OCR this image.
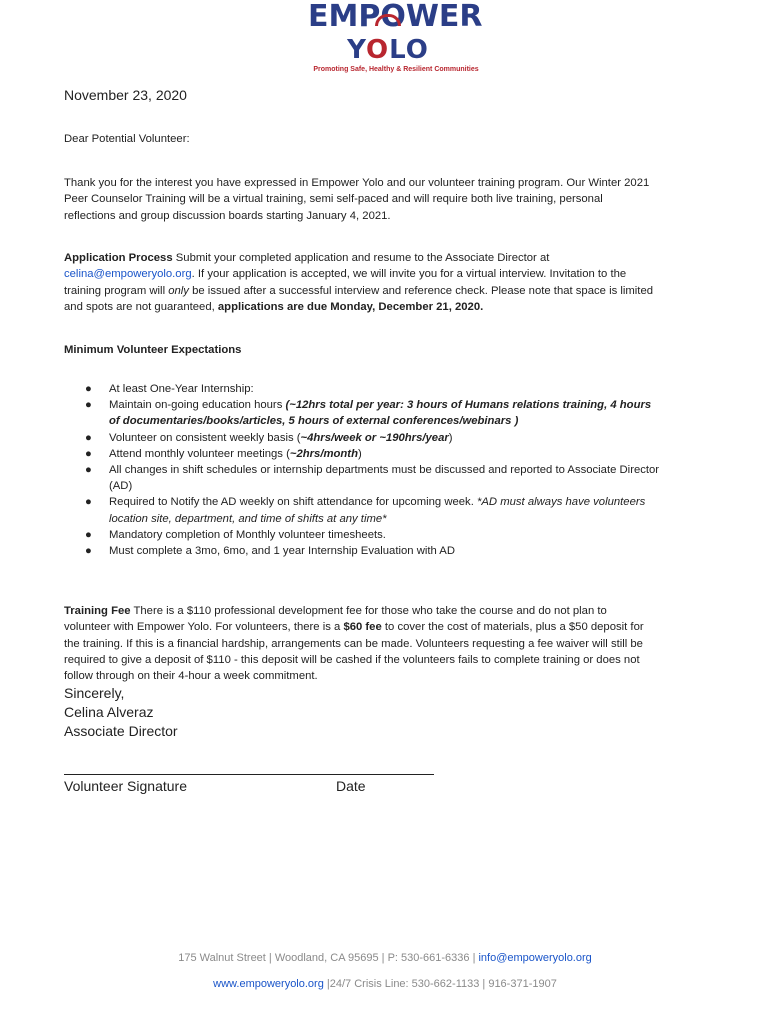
EMPOWER
YOLO
Promoting Safe, Healthy & Resilient Communities
November 23, 2020
Dear Potential Volunteer:
Thank you for the interest you have expressed in Empower Yolo and our volunteer training program. Our Winter 2021 Peer Counselor Training will be a virtual training, semi self-paced and will require both live training, personal reflections and group discussion boards starting January 4, 2021.
Application Process Submit your completed application and resume to the Associate Director at celina@empoweryolo.org. If your application is accepted, we will invite you for a virtual interview. Invitation to the training program will only be issued after a successful interview and reference check. Please note that space is limited and spots are not guaranteed, applications are due Monday, December 21, 2020.
Minimum Volunteer Expectations
● At least One-Year Internship:
● Maintain on-going education hours (~12hrs total per year: 3 hours of Humans relations training, 4 hours of documentaries/books/articles, 5 hours of external conferences/webinars )
● Volunteer on consistent weekly basis (~4hrs/week or ~190hrs/year)
● Attend monthly volunteer meetings (~2hrs/month)
● All changes in shift schedules or internship departments must be discussed and reported to Associate Director (AD)
● Required to Notify the AD weekly on shift attendance for upcoming week. *AD must always have volunteers location site, department, and time of shifts at any time*
● Mandatory completion of Monthly volunteer timesheets.
● Must complete a 3mo, 6mo, and 1 year Internship Evaluation with AD
Training Fee There is a $110 professional development fee for those who take the course and do not plan to volunteer with Empower Yolo. For volunteers, there is a $60 fee to cover the cost of materials, plus a $50 deposit for the training. If this is a financial hardship, arrangements can be made. Volunteers requesting a fee waiver will still be required to give a deposit of $110 - this deposit will be cashed if the volunteers fails to complete training or does not follow through on their 4-hour a week commitment.
Sincerely,
Celina Alveraz
Associate Director
Volunteer Signature	Date
175 Walnut Street | Woodland, CA 95695 | P: 530-661-6336 | info@empoweryolo.org
www.empoweryolo.org |24/7 Crisis Line: 530-662-1133 | 916-371-1907
